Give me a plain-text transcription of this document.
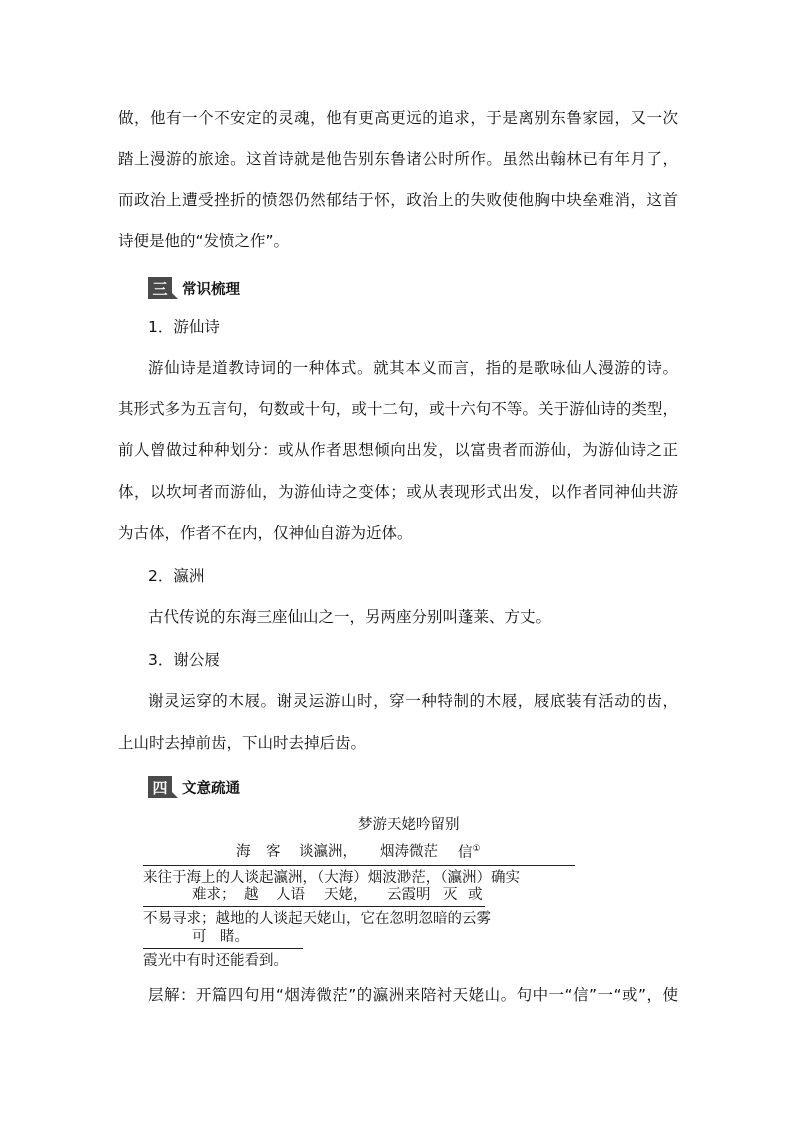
做，他有一个不安定的灵魂，他有更高更远的追求，于是离别东鲁家园，又一次
踏上漫游的旅途。这首诗就是他告别东鲁诸公时所作。虽然出翰林已有年月了，
而政治上遭受挫折的愤怨仍然郁结于怀，政治上的失败使他胸中块垒难消，这首
诗便是他的“发愤之作”。
三	常识梳理
1．游仙诗
游仙诗是道教诗词的一种体式。就其本义而言，指的是歌咏仙人漫游的诗。
其形式多为五言句，句数或十句，或十二句，或十六句不等。关于游仙诗的类型，
前人曾做过种种划分：或从作者思想倾向出发，以富贵者而游仙，为游仙诗之正
体，以坎坷者而游仙，为游仙诗之变体；或从表现形式出发，以作者同神仙共游
为古体，作者不在内，仅神仙自游为近体。
2．瀛洲
古代传说的东海三座仙山之一，另两座分别叫蓬莱、方丈。
3．谢公屐
谢灵运穿的木屐。谢灵运游山时，穿一种特制的木屐，屐底装有活动的齿，
上山时去掉前齿，下山时去掉后齿。
四	文意疏通
梦游天姥吟留别
海 客 谈瀛洲， 烟涛微茫 信①
来往于海上的人谈起瀛洲，（大海）烟波渺茫，（瀛洲）确实
难求； 越 人语 天姥， 云霞明 灭 或
不易寻求；越地的人谈起天姥山，它在忽明忽暗的云雾
可 睹。
霞光中有时还能看到。
层解：开篇四句用“烟涛微茫”的瀛洲来陪衬天姥山。句中一“信”一“或”，使
